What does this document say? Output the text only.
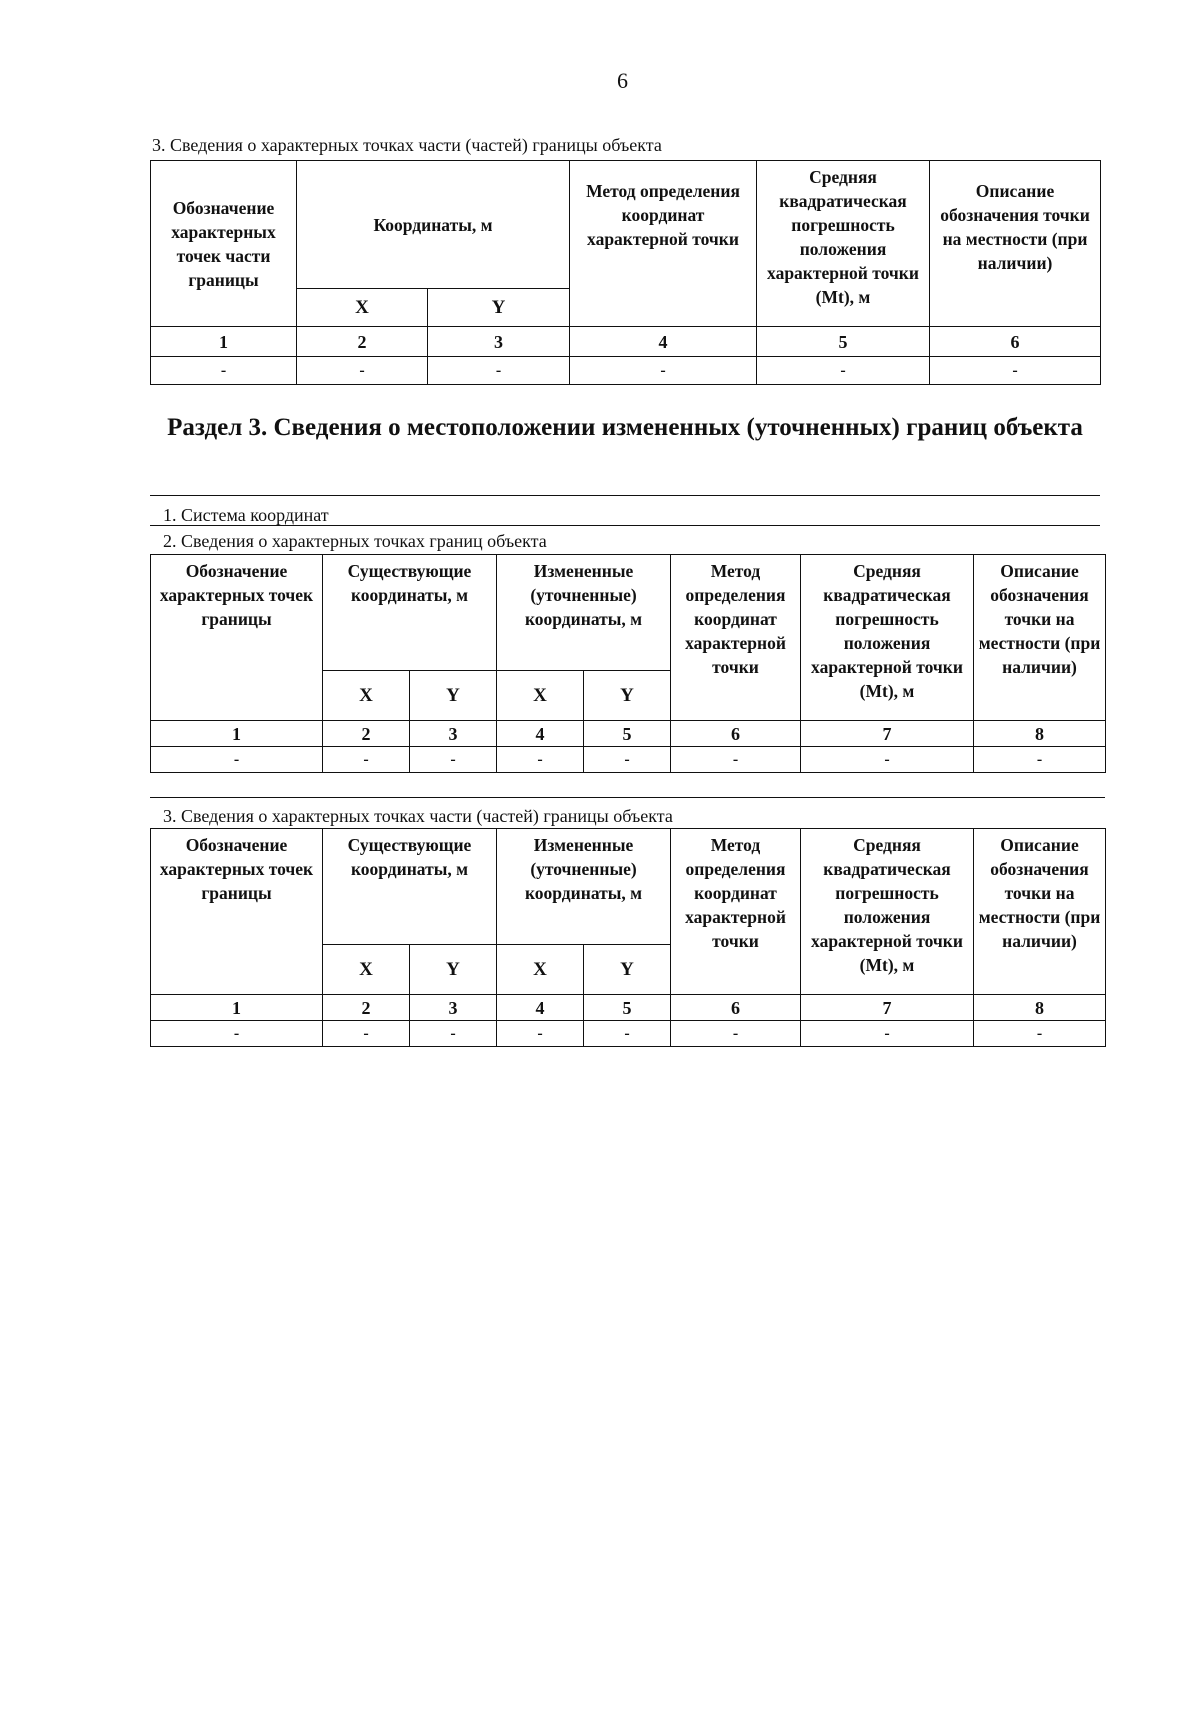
6
3. Сведения о характерных точках части (частей) границы объекта
Обозначение характерных точек части границы	Координаты, м		Метод определения координат характерной точки	Средняя квадратическая погрешность положения характерной точки (Mt), м	Описание обозначения точки на местности (при наличии)
	X	Y			
1	2	3	4	5	6
-	-	-	-	-	-
Раздел 3. Сведения о местоположении измененных (уточненных) границ объекта
1. Система координат
2. Сведения о характерных точках границ объекта
Обозначение характерных точек границы	Существующие координаты, м		Измененные (уточненные) координаты, м		Метод определения координат характерной точки	Средняя квадратическая погрешность положения характерной точки (Mt), м	Описание обозначения точки на местности (при наличии)
	X	Y	X	Y			
1	2	3	4	5	6	7	8
-	-	-	-	-	-	-	-
3. Сведения о характерных точках части (частей) границы объекта
Обозначение характерных точек границы	Существующие координаты, м		Измененные (уточненные) координаты, м		Метод определения координат характерной точки	Средняя квадратическая погрешность положения характерной точки (Mt), м	Описание обозначения точки на местности (при наличии)
	X	Y	X	Y			
1	2	3	4	5	6	7	8
-	-	-	-	-	-	-	-
